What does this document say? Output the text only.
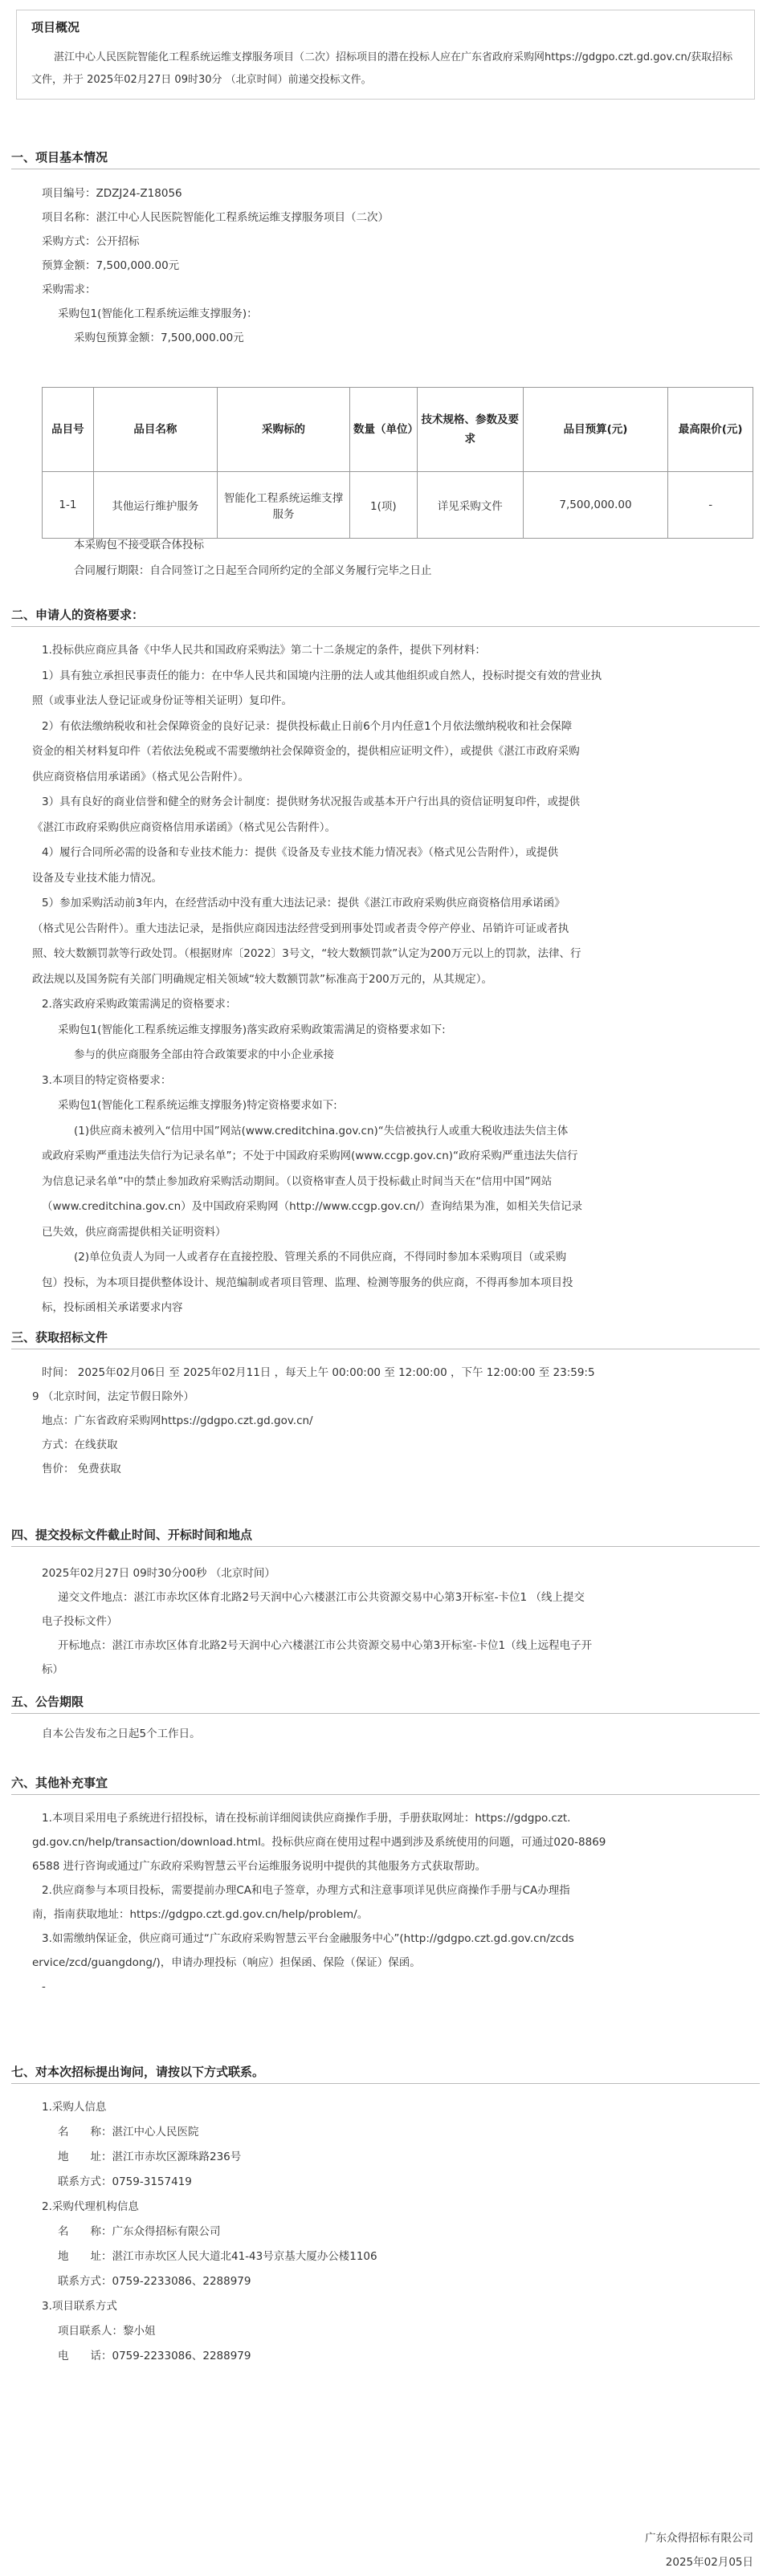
项目概况

湛江中心人民医院智能化工程系统运维支撑服务项目（二次）招标项目的潜在投标人应在广东省政府采购网https://gdgpo.czt.gd.gov.cn/获取招标文件，并于 2025年02月27日 09时30分 （北京时间）前递交投标文件。

一、项目基本情况
项目编号：ZDZJ24-Z18056
项目名称：湛江中心人民医院智能化工程系统运维支撑服务项目（二次）
采购方式：公开招标
预算金额：7,500,000.00元
采购需求：
采购包1(智能化工程系统运维支撑服务)：
采购包预算金额：7,500,000.00元
品目号	品目名称	采购标的	数量（单位）	技术规格、参数及要求	品目预算(元)	最高限价(元)
1-1	其他运行维护服务	智能化工程系统运维支撑服务	1(项)	详见采购文件	7,500,000.00	-
本采购包不接受联合体投标
合同履行期限：自合同签订之日起至合同所约定的全部义务履行完毕之日止
二、申请人的资格要求：
1.投标供应商应具备《中华人民共和国政府采购法》第二十二条规定的条件，提供下列材料：
1）具有独立承担民事责任的能力：在中华人民共和国境内注册的法人或其他组织或自然人，投标时提交有效的营业执
照（或事业法人登记证或身份证等相关证明）复印件。
2）有依法缴纳税收和社会保障资金的良好记录：提供投标截止日前6个月内任意1个月依法缴纳税收和社会保障
资金的相关材料复印件（若依法免税或不需要缴纳社会保障资金的，提供相应证明文件），或提供《湛江市政府采购
供应商资格信用承诺函》（格式见公告附件）。
3）具有良好的商业信誉和健全的财务会计制度：提供财务状况报告或基本开户行出具的资信证明复印件，或提供
《湛江市政府采购供应商资格信用承诺函》（格式见公告附件）。
4）履行合同所必需的设备和专业技术能力：提供《设备及专业技术能力情况表》（格式见公告附件），或提供
设备及专业技术能力情况。
5）参加采购活动前3年内，在经营活动中没有重大违法记录：提供《湛江市政府采购供应商资格信用承诺函》
（格式见公告附件）。重大违法记录，是指供应商因违法经营受到刑事处罚或者责令停产停业、吊销许可证或者执
照、较大数额罚款等行政处罚。（根据财库〔2022〕3号文，“较大数额罚款”认定为200万元以上的罚款，法律、行
政法规以及国务院有关部门明确规定相关领域“较大数额罚款”标准高于200万元的，从其规定）。
2.落实政府采购政策需满足的资格要求：
采购包1(智能化工程系统运维支撑服务)落实政府采购政策需满足的资格要求如下:
参与的供应商服务全部由符合政策要求的中小企业承接
3.本项目的特定资格要求：
采购包1(智能化工程系统运维支撑服务)特定资格要求如下:
(1)供应商未被列入“信用中国”网站(www.creditchina.gov.cn)“失信被执行人或重大税收违法失信主体
或政府采购严重违法失信行为记录名单”；不处于中国政府采购网(www.ccgp.gov.cn)“政府采购严重违法失信行
为信息记录名单”中的禁止参加政府采购活动期间。（以资格审查人员于投标截止时间当天在“信用中国”网站
（www.creditchina.gov.cn）及中国政府采购网（http://www.ccgp.gov.cn/）查询结果为准，如相关失信记录
已失效，供应商需提供相关证明资料）
(2)单位负责人为同一人或者存在直接控股、管理关系的不同供应商，不得同时参加本采购项目（或采购
包）投标，为本项目提供整体设计、规范编制或者项目管理、监理、检测等服务的供应商，不得再参加本项目投
标，投标函相关承诺要求内容
三、获取招标文件
时间： 2025年02月06日 至 2025年02月11日 ，每天上午 00:00:00 至 12:00:00 ，下午 12:00:00 至 23:59:5
9 （北京时间，法定节假日除外）
地点：广东省政府采购网https://gdgpo.czt.gd.gov.cn/
方式：在线获取
售价： 免费获取
四、提交投标文件截止时间、开标时间和地点
2025年02月27日 09时30分00秒 （北京时间）
递交文件地点：湛江市赤坎区体育北路2号天润中心六楼湛江市公共资源交易中心第3开标室-卡位1 （线上提交
电子投标文件）
开标地点：湛江市赤坎区体育北路2号天润中心六楼湛江市公共资源交易中心第3开标室-卡位1（线上远程电子开
标）
五、公告期限
自本公告发布之日起5个工作日。
六、其他补充事宜
1.本项目采用电子系统进行招投标，请在投标前详细阅读供应商操作手册，手册获取网址：https://gdgpo.czt.
gd.gov.cn/help/transaction/download.html。投标供应商在使用过程中遇到涉及系统使用的问题，可通过020-8869
6588 进行咨询或通过广东政府采购智慧云平台运维服务说明中提供的其他服务方式获取帮助。
2.供应商参与本项目投标，需要提前办理CA和电子签章，办理方式和注意事项详见供应商操作手册与CA办理指
南，指南获取地址：https://gdgpo.czt.gd.gov.cn/help/problem/。
3.如需缴纳保证金，供应商可通过“广东政府采购智慧云平台金融服务中心”(http://gdgpo.czt.gd.gov.cn/zcds
ervice/zcd/guangdong/)，申请办理投标（响应）担保函、保险（保证）保函。
-
七、对本次招标提出询问，请按以下方式联系。
1.采购人信息
名　　称：湛江中心人民医院
地　　址：湛江市赤坎区源珠路236号
联系方式：0759-3157419
2.采购代理机构信息
名　　称：广东众得招标有限公司
地　　址：湛江市赤坎区人民大道北41-43号京基大厦办公楼1106
联系方式：0759-2233086、2288979
3.项目联系方式
项目联系人：黎小姐
电　　话：0759-2233086、2288979
广东众得招标有限公司
2025年02月05日
